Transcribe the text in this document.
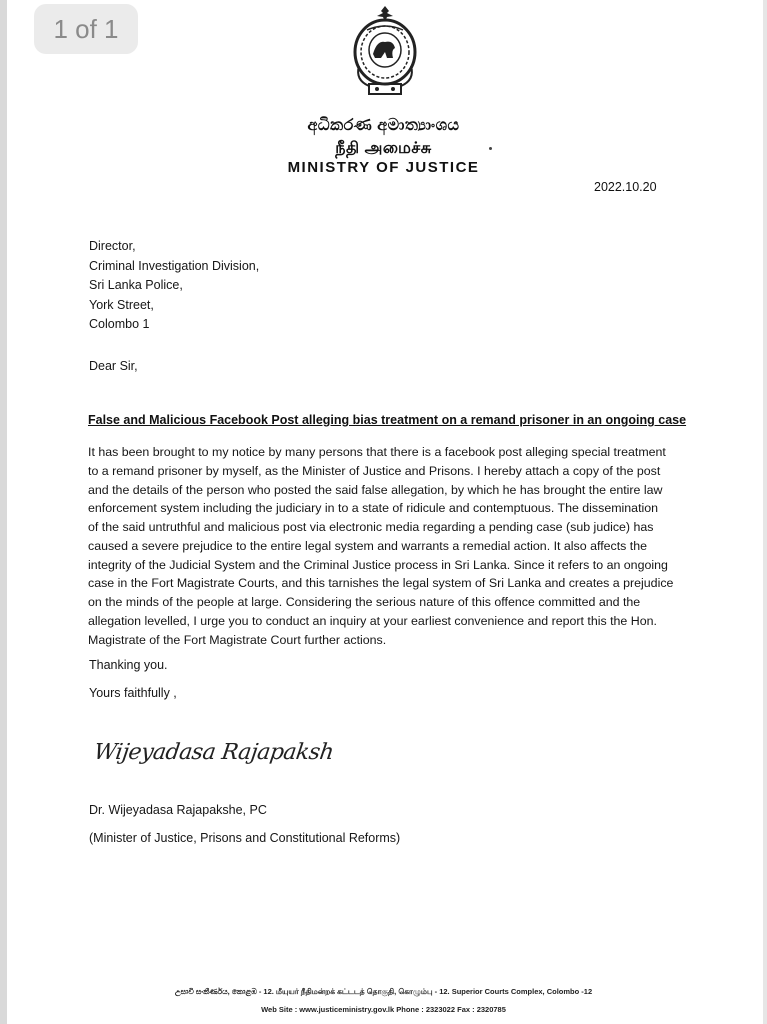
1 of 1
අධිකරණ අමාත්‍යාංශය
நீதி அமைச்சு
MINISTRY OF JUSTICE
2022.10.20
Director,
Criminal Investigation Division,
Sri Lanka Police,
York Street,
Colombo 1
Dear Sir,
False and Malicious Facebook Post alleging bias treatment on a remand prisoner in an ongoing case
It has been brought to my notice by many persons that there is a facebook post alleging special treatment
to a remand prisoner by myself, as the Minister of Justice and Prisons. I hereby attach a copy of the post
and the details of the person who posted the said false allegation, by which he has brought the entire law
enforcement system including the judiciary in to a state of ridicule and contemptuous. The dissemination
of the said untruthful and malicious post via electronic media regarding a pending case (sub judice) has
caused a severe prejudice to the entire legal system and warrants a remedial action. It also affects the
integrity of the Judicial System and the Criminal Justice process in Sri Lanka. Since it refers to an ongoing
case in the Fort Magistrate Courts, and this tarnishes the legal system of Sri Lanka and creates a prejudice
on the minds of the people at large. Considering the serious nature of this offence committed and the
allegation levelled, I urge you to conduct an inquiry at your earliest convenience and report this the Hon.
Magistrate of the Fort Magistrate Court further actions.
Thanking you.
Yours faithfully ,
Wijeyadasa Rajapaksh
Dr. Wijeyadasa Rajapakshe, PC
(Minister of Justice, Prisons and Constitutional Reforms)
උසාවි සංකීර්ණය, කොළඹ - 12. மீயுயர் நீதிமன்றக் கட்டடத் தொகுதி, கொழும்பு - 12. Superior Courts Complex, Colombo -12
Web Site : www.justiceministry.gov.lk Phone : 2323022 Fax : 2320785
